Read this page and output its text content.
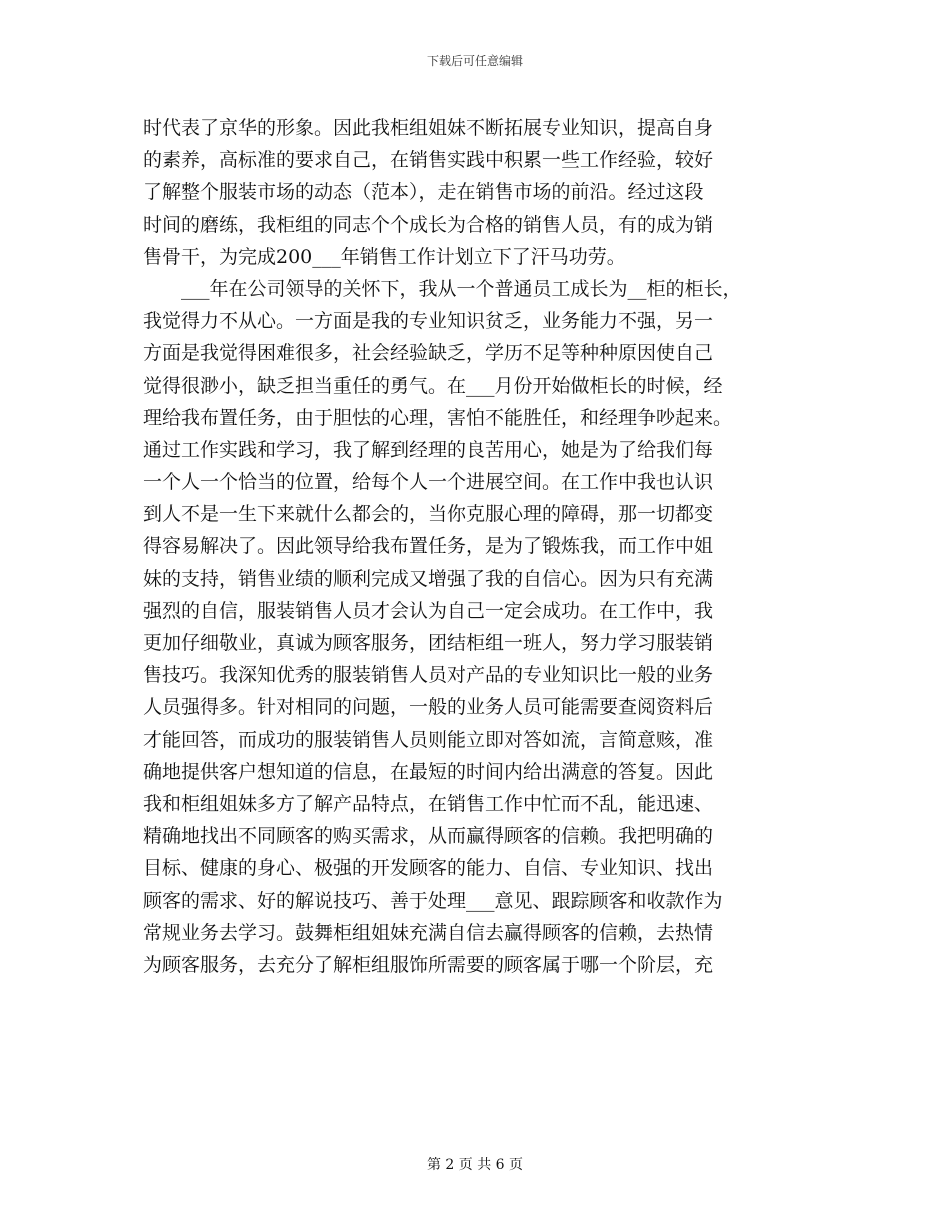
下载后可任意编辑
时代表了京华的形象。因此我柜组姐妹不断拓展专业知识，提高自身
的素养，高标准的要求自己，在销售实践中积累一些工作经验，较好
了解整个服装市场的动态（范本），走在销售市场的前沿。经过这段
时间的磨练，我柜组的同志个个成长为合格的销售人员，有的成为销
售骨干，为完成200___年销售工作计划立下了汗马功劳。
　　___年在公司领导的关怀下，我从一个普通员工成长为__柜的柜长，
我觉得力不从心。一方面是我的专业知识贫乏，业务能力不强，另一
方面是我觉得困难很多，社会经验缺乏，学历不足等种种原因使自己
觉得很渺小，缺乏担当重任的勇气。在___月份开始做柜长的时候，经
理给我布置任务，由于胆怯的心理，害怕不能胜任，和经理争吵起来。
通过工作实践和学习，我了解到经理的良苦用心，她是为了给我们每
一个人一个恰当的位置，给每个人一个进展空间。在工作中我也认识
到人不是一生下来就什么都会的，当你克服心理的障碍，那一切都变
得容易解决了。因此领导给我布置任务，是为了锻炼我，而工作中姐
妹的支持，销售业绩的顺利完成又增强了我的自信心。因为只有充满
强烈的自信，服装销售人员才会认为自己一定会成功。在工作中，我
更加仔细敬业，真诚为顾客服务，团结柜组一班人，努力学习服装销
售技巧。我深知优秀的服装销售人员对产品的专业知识比一般的业务
人员强得多。针对相同的问题，一般的业务人员可能需要查阅资料后
才能回答，而成功的服装销售人员则能立即对答如流，言简意赅，准
确地提供客户想知道的信息，在最短的时间内给出满意的答复。因此
我和柜组姐妹多方了解产品特点，在销售工作中忙而不乱，能迅速、
精确地找出不同顾客的购买需求，从而赢得顾客的信赖。我把明确的
目标、健康的身心、极强的开发顾客的能力、自信、专业知识、找出
顾客的需求、好的解说技巧、善于处理___意见、跟踪顾客和收款作为
常规业务去学习。鼓舞柜组姐妹充满自信去赢得顾客的信赖，去热情
为顾客服务，去充分了解柜组服饰所需要的顾客属于哪一个阶层，充
第 2 页 共 6 页
